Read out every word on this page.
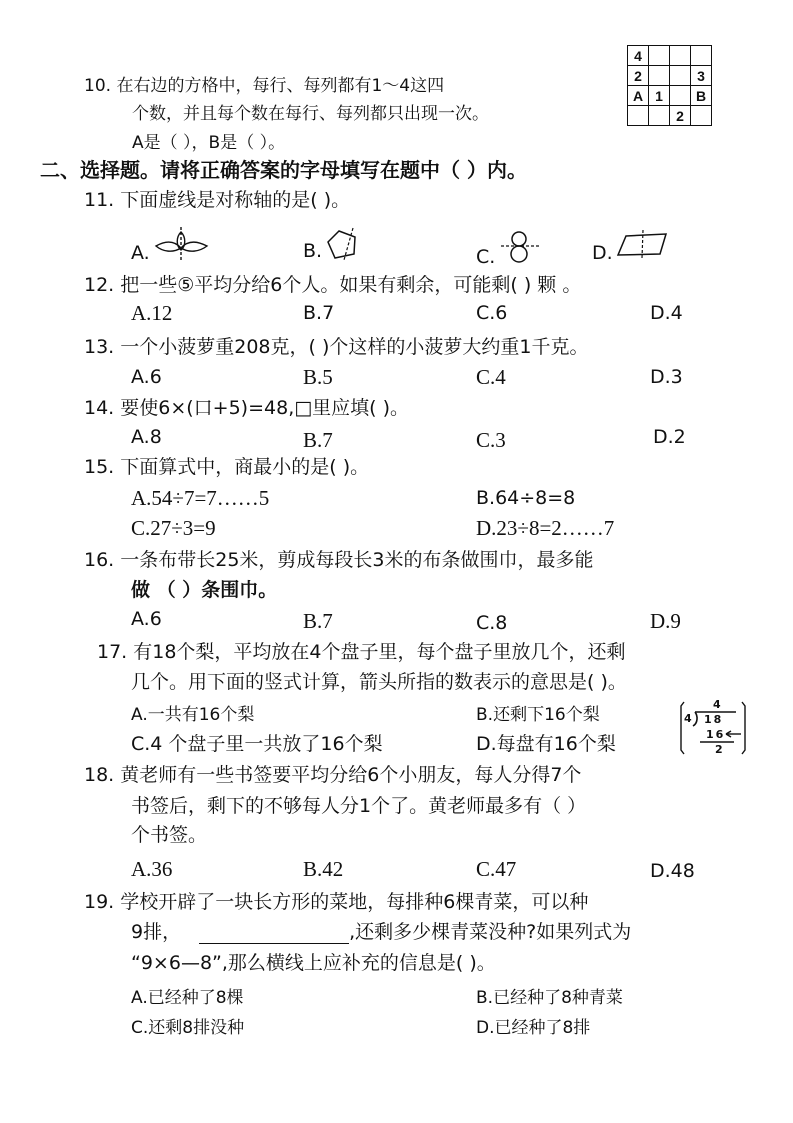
4			
2			3
A	1		B
		2	
10. 在右边的方格中，每行、每列都有1～4这四
个数，并且每个数在每行、每列都只出现一次。
A是（ ），B是（ ）。
二、选择题。请将正确答案的字母填写在题中（ ）内。
11. 下面虚线是对称轴的是( )。
A.	B.	C.	D.
12. 把一些⑤平均分给6个人。如果有剩余，可能剩( ) 颗 。
A.12	B.7	C.6	D.4
13. 一个小菠萝重208克，( )个这样的小菠萝大约重1千克。
A.6	B.5	C.4	D.3
14. 要使6×(口+5)=48,□里应填( )。
A.8	B.7	C.3	D.2
15. 下面算式中，商最小的是( )。
A.54÷7=7……5	B.64÷8=8
C.27÷3=9	D.23÷8=2……7
16. 一条布带长25米，剪成每段长3米的布条做围巾，最多能
做 （ ）条围巾。
A.6	B.7	C.8	D.9
17. 有18个梨，平均放在4个盘子里，每个盘子里放几个，还剩
几个。用下面的竖式计算，箭头所指的数表示的意思是( )。
A.一共有16个梨	B.还剩下16个梨
C.4 个盘子里一共放了16个梨	D.每盘有16个梨
4
4 18
16
2
18. 黄老师有一些书签要平均分给6个小朋友，每人分得7个
书签后，剩下的不够每人分1个了。黄老师最多有（ ）
个书签。
A.36	B.42	C.47	D.48
19. 学校开辟了一块长方形的菜地，每排种6棵青菜，可以种
9排，	,还剩多少棵青菜没种?如果列式为
“9×6—8”,那么横线上应补充的信息是( )。
A.已经种了8棵	B.已经种了8种青菜
C.还剩8排没种	D.已经种了8排
